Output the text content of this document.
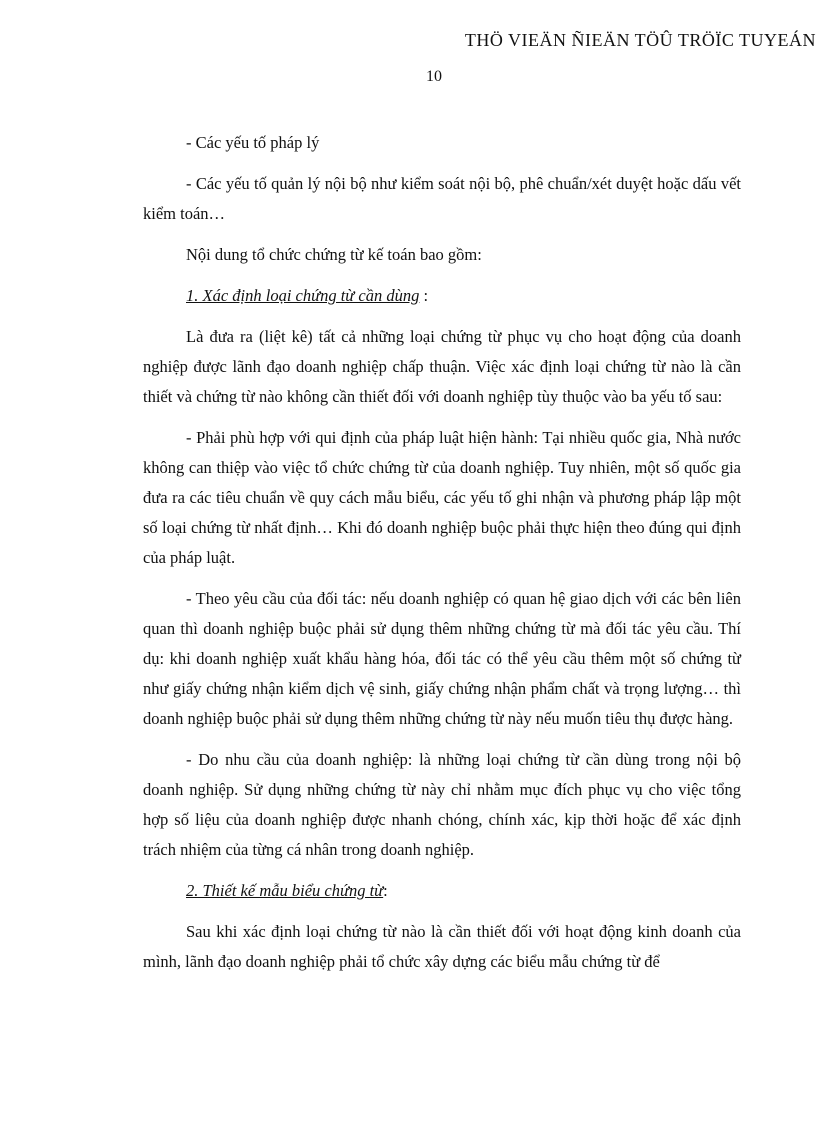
THÖ VIEÄN ÑIEÄN TÖÛ TRÖÏC TUYEÁN
10

- Các yếu tố pháp lý

- Các yếu tố quản lý nội bộ như kiểm soát nội bộ, phê chuẩn/xét duyệt hoặc dấu vết kiểm toán…

Nội dung tổ chức chứng từ kế toán bao gồm:

1. Xác định loại chứng từ cần dùng :

Là đưa ra (liệt kê) tất cả những loại chứng từ phục vụ cho hoạt động của doanh nghiệp được lãnh đạo doanh nghiệp chấp thuận. Việc xác định loại chứng từ nào là cần thiết và chứng từ nào không cần thiết đối với doanh nghiệp tùy thuộc vào ba yếu tố sau:

- Phải phù hợp với qui định của pháp luật hiện hành: Tại nhiều quốc gia, Nhà nước không can thiệp vào việc tổ chức chứng từ của doanh nghiệp. Tuy nhiên, một số quốc gia đưa ra các tiêu chuẩn về quy cách mẫu biểu, các yếu tố ghi nhận và phương pháp lập một số loại chứng từ nhất định… Khi đó doanh nghiệp buộc phải thực hiện theo đúng qui định của pháp luật.

- Theo yêu cầu của đối tác: nếu doanh nghiệp có quan hệ giao dịch với các bên liên quan thì doanh nghiệp buộc phải sử dụng thêm những chứng từ mà đối tác yêu cầu. Thí dụ: khi doanh nghiệp xuất khẩu hàng hóa, đối tác có thể yêu cầu thêm một số chứng từ như giấy chứng nhận kiểm dịch vệ sinh, giấy chứng nhận phẩm chất và trọng lượng… thì doanh nghiệp buộc phải sử dụng thêm những chứng từ này nếu muốn tiêu thụ được hàng.

- Do nhu cầu của doanh nghiệp: là những loại chứng từ cần dùng trong nội bộ doanh nghiệp. Sử dụng những chứng từ này chỉ nhằm mục đích phục vụ cho việc tổng hợp số liệu của doanh nghiệp được nhanh chóng, chính xác, kịp thời hoặc để xác định trách nhiệm của từng cá nhân trong doanh nghiệp.

2. Thiết kế mẫu biểu chứng từ:

Sau khi xác định loại chứng từ nào là cần thiết đối với hoạt động kinh doanh của mình, lãnh đạo doanh nghiệp phải tổ chức xây dựng các biểu mẫu chứng từ để
